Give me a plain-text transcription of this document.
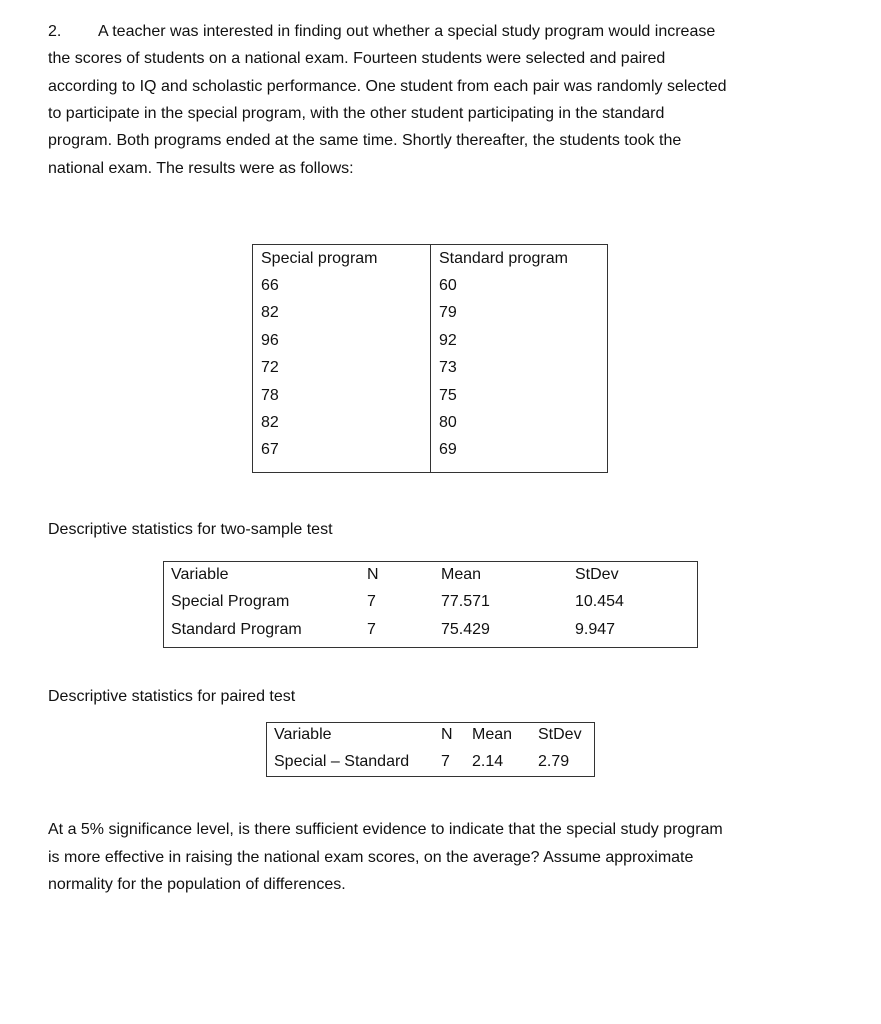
2. A teacher was interested in finding out whether a special study program would increase
the scores of students on a national exam. Fourteen students were selected and paired
according to IQ and scholastic performance. One student from each pair was randomly selected
to participate in the special program, with the other student participating in the standard
program. Both programs ended at the same time. Shortly thereafter, the students took the
national exam. The results were as follows:
Special program	Standard program
66	60
82	79
96	92
72	73
78	75
82	80
67	69
Descriptive statistics for two-sample test
Variable	N	Mean	StDev
Special Program	7	77.571	10.454
Standard Program	7	75.429	9.947
Descriptive statistics for paired test
Variable	N Mean StDev
Special – Standard 7 2.14 2.79
At a 5% significance level, is there sufficient evidence to indicate that the special study program
is more effective in raising the national exam scores, on the average? Assume approximate
normality for the population of differences.
